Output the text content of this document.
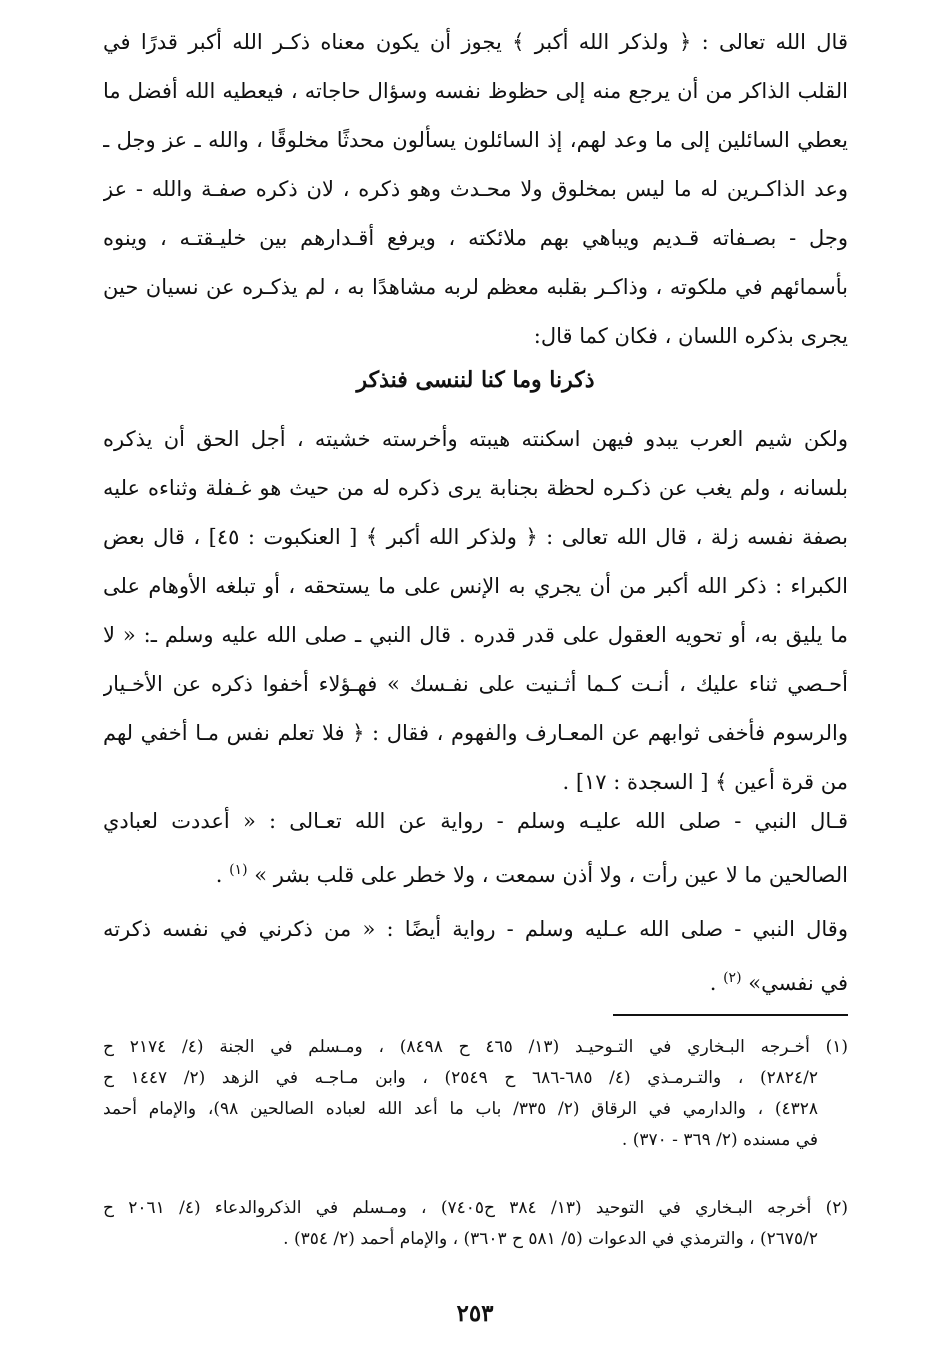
قال الله تعالى : ﴿ ولذكر الله أكبر ﴾ يجوز أن يكون معناه ذكـر الله أكبر قدرًا في
القلب الذاكر من أن يرجع منه إلى حظوظ نفسه وسؤال حاجاته ، فيعطيه الله أفضل ما
يعطي السائلين إلى ما وعد لهم، إذ السائلون يسألون محدثًا مخلوقًا ، والله ـ عز وجل ـ
وعد الذاكـرين له ما ليس بمخلوق ولا محـدث وهو ذكره ، لان ذكره صفـة والله - عز
وجل - بصـفاته قـديم ويباهي بهم ملائكته ، ويرفع أقـدارهم بين خليـقتـه ، وينوه
بأسمائهم في ملكوته ، وذاكـر بقلبه معظم لربه مشاهدًا به ، لم يذكـره عن نسيان حين
يجرى بذكره اللسان ، فكان كما قال:
ذكرنا وما كنا لننسى فنذكر
ولكن شيم العرب يبدو فيهن اسكنته هيبته وأخرسته خشيته ، أجل الحق أن يذكره
بلسانه ، ولم يغب عن ذكـره لحظة بجنابة يرى ذكره له من حيث هو غـفلة وثناءه عليه
بصفة نفسه زلة ، قال الله تعالى : ﴿ ولذكر الله أكبر ﴾ [ العنكبوت : ٤٥] ، قال بعض
الكبراء : ذكر الله أكبر من أن يجري به الإنس على ما يستحقه ، أو تبلغه الأوهام على
ما يليق به، أو تحويه العقول على قدر قدره . قال النبي ـ صلى الله عليه وسلم ـ: « لا
أحـصي ثناء عليك ، أنـت كـما أثـنيت على نفـسك » فهـؤلاء أخفوا ذكره عن الأخـيار
والرسوم فأخفى ثوابهم عن المعـارف والفهوم ، فقال : ﴿ فلا تعلم نفس مـا أخفي لهم
من قرة أعين ﴾ [ السجدة : ١٧] .
قـال النبي - صلى الله عليـه وسلم - رواية عن الله تعـالى : « أعددت لعبادي
الصالحين ما لا عين رأت ، ولا أذن سمعت ، ولا خطر على قلب بشر » $^{(١)}$ .
وقال النبي - صلى الله عـليه وسلم - رواية أيضًا : « من ذكرني في نفسه ذكرته
في نفسي» $^{(٢)}$ .
(١) أخـرجه البـخاري في التـوحيـد (١٣/ ٤٦٥ ح ٨٤٩٨) ، ومـسلم في الجنة (٤/ ٢١٧٤ ح
٢٨٢٤/٢) ، والتـرمـذي (٤/ ٦٨٥-٦٨٦ ح ٢٥٤٩) ، وابن مـاجـه في الزهد (٢/ ١٤٤٧ ح
٤٣٢٨) ، والدارمي في الرقاق (٢/ ٣٣٥/ باب ما أعد الله لعباده الصالحين ٩٨)، والإمام أحمد
في مسنده (٢/ ٣٦٩ - ٣٧٠) .
(٢) أخرجه البـخاري في التوحيد (١٣/ ٣٨٤ ح٧٤٠٥) ، ومـسلم في الذكروالدعاء (٤/ ٢٠٦١ ح
٢٦٧٥/٢) ، والترمذي في الدعوات (٥/ ٥٨١ ح ٣٦٠٣) ، والإمام أحمد (٢/ ٣٥٤) .
٢٥٣
